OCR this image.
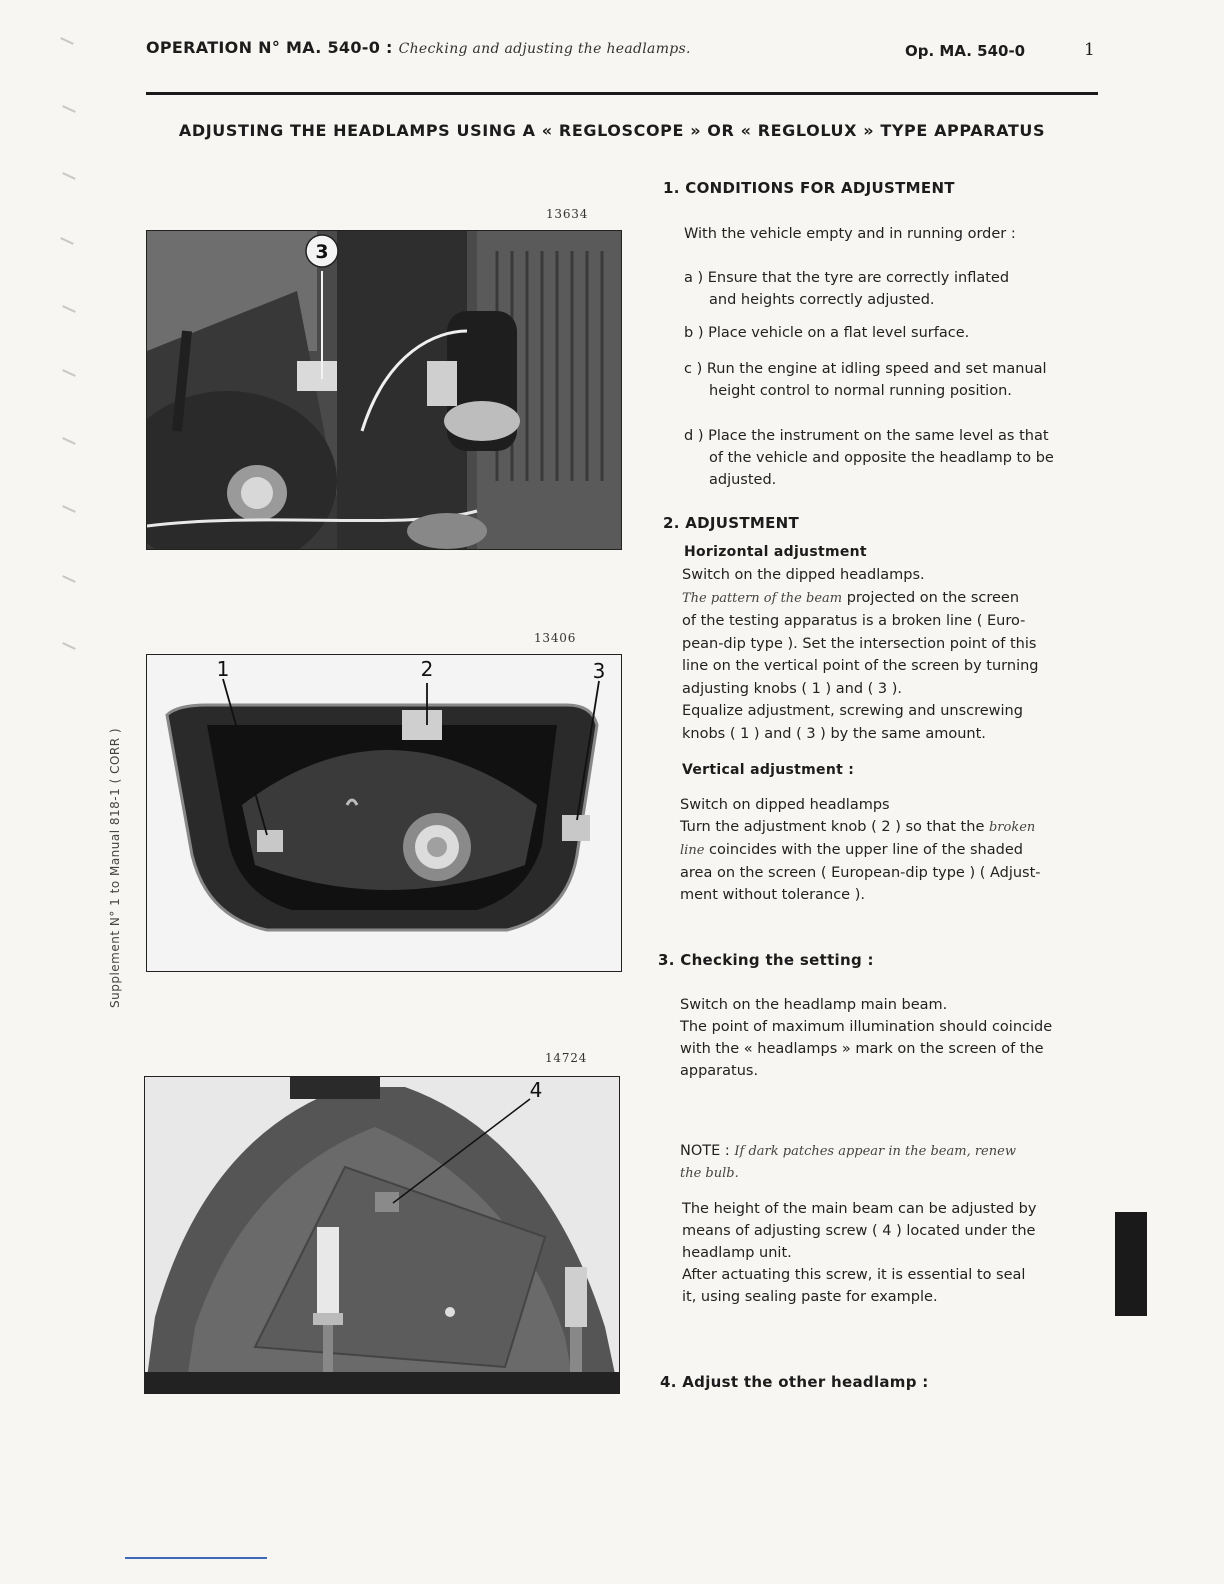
OPERATION N° MA. 540-0 : Checking and adjusting the headlamps.	Op. MA. 540-0	1
ADJUSTING THE HEADLAMPS USING A « REGLOSCOPE » OR « REGLOLUX » TYPE APPARATUS
Supplement N° 1 to Manual 818-1 ( CORR )
13634
3
13406
1	2	3
14724
4
1. CONDITIONS FOR ADJUSTMENT
With the vehicle empty and in running order :
a ) Ensure that the tyre are correctly inflated
and heights correctly adjusted.
b ) Place vehicle on a flat level surface.
c ) Run the engine at idling speed and set manual
height control to normal running position.
d ) Place the instrument on the same level as that
of the vehicle and opposite the headlamp to be
adjusted.
2. ADJUSTMENT
Horizontal adjustment
Switch on the dipped headlamps.
The pattern of the beam projected on the screen
of the testing apparatus is a broken line ( Euro-
pean-dip type ). Set the intersection point of this
line on the vertical point of the screen by turning
adjusting knobs ( 1 ) and ( 3 ).
Equalize adjustment, screwing and unscrewing
knobs ( 1 ) and ( 3 ) by the same amount.
Vertical adjustment :
Switch on dipped headlamps
Turn the adjustment knob ( 2 ) so that the broken
line coincides with the upper line of the shaded
area on the screen ( European-dip type ) ( Adjust-
ment without tolerance ).
3. Checking the setting :
Switch on the headlamp main beam.
The point of maximum illumination should coincide
with the « headlamps » mark on the screen of the
apparatus.
NOTE : If dark patches appear in the beam, renew
the bulb.
The height of the main beam can be adjusted by
means of adjusting screw ( 4 ) located under the
headlamp unit.
After actuating this screw, it is essential to seal
it, using sealing paste for example.
4. Adjust the other headlamp :
